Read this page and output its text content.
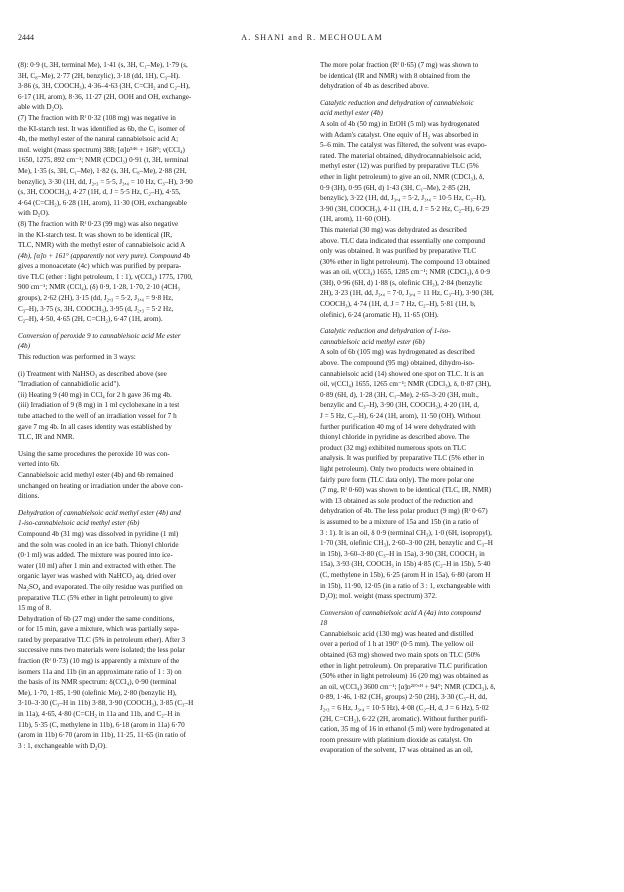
2444	A. SHANI and R. MECHOULAM
(8): 0·9 (t, 3H, terminal Me), 1·41 (s, 3H, C₁–Me), 1·79 (s,
3H, C₈–Me), 2·77 (2H, benzylic), 3·18 (dd, 1H), C₃–H).
3·86 (s, 3H, COOCH₃), 4·36–4·63 (3H, C=CH₂ and C₂–H),
6·17 (1H, arom), 8·36, 11·27 (2H, OOH and OH, exchange-
able with D₂O).
(7) The fraction with Rᶠ 0·32 (108 mg) was negative in
the KI-starch test. It was identified as 6b, the C₁ isomer of
4b, the methyl ester of the natural cannabielsoic acid A;
mol. weight (mass spectrum) 388; [α]ᴅ⁵⁴⁶ + 168°; ν(CCl₄)
1650, 1275, 892 cm⁻¹; NMR (CDCl₃) 0·91 (t, 3H, terminal
Me), 1·35 (s, 3H, C₁–Me), 1·82 (s, 3H, C₈–Me), 2·88 (2H,
benzylic), 3·30 (1H, dd, J₂,₃ = 5·5, J₃,₄ = 10 Hz, C₃–H), 3·90
(s, 3H, COOCH₃), 4·27 (1H, d, J = 5·5 Hz, C₂–H), 4·55,
4·64 (C=CH₂), 6·28 (1H, arom), 11·30 (OH, exchangeable
with D₂O).
(8) The fraction with Rᶠ 0·23 (99 mg) was also negative
in the KI-starch test. It was shown to be identical (IR,
TLC, NMR) with the methyl ester of cannabielsoic acid A
(4b), [α]ᴅ + 161° (apparently not very pure). Compound 4b
gives a monoacetate (4c) which was purified by prepara-
tive TLC (ether : light petroleum, 1 : 1), ν(CCl₄) 1775, 1700,
900 cm⁻¹; NMR (CCl₄), (δ) 0·9, 1·28, 1·70, 2·10 (4CH₃
groups), 2·62 (2H), 3·15 (dd, J₂,₃ = 5·2, J₃,₄ = 9·8 Hz,
C₃–H), 3·75 (s, 3H, COOCH₃), 3·95 (d, J₂,₃ = 5·2 Hz,
C₂–H), 4·50, 4·65 (2H, C=CH₂), 6·47 (1H, arom).
Conversion of peroxide 9 to cannabielsoic acid Me ester
(4b)
This reduction was performed in 3 ways:
(i) Treatment with NaHSO₃ as described above (see
"Irradiation of cannabidiolic acid").
(ii) Heating 9 (40 mg) in CCl₄ for 2 h gave 36 mg 4b.
(iii) Irradiation of 9 (8 mg) in 1 ml cyclohexane in a test
tube attached to the well of an irradiation vessel for 7 h
gave 7 mg 4b. In all cases identity was established by
TLC, IR and NMR.
Using the same procedures the peroxide 10 was con-
verted into 6b.
Cannabielsoic acid methyl ester (4b) and 6b remained
unchanged on heating or irradiation under the above con-
ditions.
Dehydration of cannabielsoic acid methyl ester (4b) and
1-iso-cannabielsoic acid methyl ester (6b)
Compound 4b (31 mg) was dissolved in pyridine (1 ml)
and the soln was cooled in an ice bath. Thionyl chloride
(0·1 ml) was added. The mixture was poured into ice-
water (10 ml) after 1 min and extracted with ether. The
organic layer was washed with NaHCO₃ aq, dried over
Na₂SO₄ and evaporated. The oily residue was purified on
preparative TLC (5% ether in light petroleum) to give
15 mg of 8.
Dehydration of 6b (27 mg) under the same conditions,
or for 15 min, gave a mixture, which was partially sepa-
rated by preparative TLC (5% in petroleum ether). After 3
successive runs two materials were isolated; the less polar
fraction (Rᶠ 0·73) (10 mg) is apparently a mixture of the
isomers 11a and 11b (in an approximate ratio of 1 : 3) on
the basis of its NMR spectrum: δ(CCl₄), 0·90 (terminal
Me), 1·70, 1·85, 1·90 (olefinic Me), 2·80 (benzylic H),
3·10–3·30 (C₃–H in 11b) 3·88, 3·90 (COOCH₃), 3·85 (C₃–H
in 11a), 4·65, 4·80 (C=CH₂ in 11a and 11b, and C₂–H in
11b), 5·35 (C, methylene in 11b), 6·18 (arom in 11a) 6·70
(arom in 11b) 6·70 (arom in 11b), 11·25, 11·65 (in ratio of
3 : 1, exchangeable with D₂O).
The more polar fraction (Rᶠ 0·65) (7 mg) was shown to
be identical (IR and NMR) with 8 obtained from the
dehydration of 4b as described above.
Catalytic reduction and dehydration of cannabielsoic
acid methyl ester (4b)
A soln of 4b (50 mg) in EtOH (5 ml) was hydrogenated
with Adam's catalyst. One equiv of H₂ was absorbed in
5–6 min. The catalyst was filtered, the solvent was evapo-
rated. The material obtained, dihydrocannabielsoic acid,
methyl ester (12) was purified by preparative TLC (5%
ether in light petroleum) to give an oil, NMR (CDCl₃), δ,
0·9 (3H), 0·95 (6H, d) 1·43 (3H, C₁–Me), 2·85 (2H,
benzylic), 3·22 (1H, dd, J₃,₄ = 5·2, J₃,₄ = 10·5 Hz, C₃–H),
3·90 (3H, COOCH₃), 4·11 (1H, d, J = 5·2 Hz, C₂–H), 6·29
(1H, arom), 11·60 (OH).
This material (30 mg) was dehydrated as described
above. TLC data indicated that essentially one compound
only was obtained. It was purified by preparative TLC
(30% ether in light petroleum). The compound 13 obtained
was an oil, ν(CCl₄) 1655, 1285 cm⁻¹; NMR (CDCl₃), δ 0·9
(3H), 0·96 (6H, d) 1·88 (s, olefinic CH₃), 2·84 (benzylic
2H), 3·23 (1H, dd, J₃,₄ = 7·0, J₃,₄ = 11 Hz, C₃–H), 3·90 (3H,
COOCH₃), 4·74 (1H, d, J = 7 Hz, C₂–H), 5·81 (1H, b,
olefinic), 6·24 (aromatic H), 11·65 (OH).
Catalytic reduction and dehydration of 1-iso-
cannabielsoic acid methyl ester (6b)
A soln of 6b (105 mg) was hydrogenated as described
above. The compound (95 mg) obtained, dihydro-iso-
cannabielsoic acid (14) showed one spot on TLC. It is an
oil, ν(CCl₄) 1655, 1265 cm⁻¹; NMR (CDCl₃), δ, 0·87 (3H),
0·89 (6H, d), 1·28 (3H, C₁–Me), 2·65–3·20 (3H, mult.,
benzylic and C₃–H), 3·90 (3H, COOCH₃), 4·20 (1H, d,
J = 5 Hz, C₂–H), 6·24 (1H, arom), 11·50 (OH). Without
further purification 40 mg of 14 were dehydrated with
thionyl chloride in pyridine as described above. The
product (32 mg) exhibited numerous spots on TLC
analysis. It was purified by preparative TLC (5% ether in
light petroleum). Only two products were obtained in
fairly pure form (TLC data only). The more polar one
(7 mg, Rᶠ 0·60) was shown to be identical (TLC, IR, NMR)
with 13 obtained as sole product of the reduction and
dehydration of 4b. The less polar product (9 mg) (Rᶠ 0·67)
is assumed to be a mixture of 15a and 15b (in a ratio of
3 : 1). It is an oil, δ 0·9 (terminal CH₃), 1·0 (6H, isopropyl),
1·70 (3H, olefinic CH₃), 2·60–3·00 (2H, benzylic and C₃–H
in 15b), 3·60–3·80 (C₃–H in 15a), 3·90 (3H, COOCH₃ in
15a), 3·93 (3H, COOCH₃ in 15b) 4·85 (C₂–H in 15b), 5·40
(C, methylene in 15b), 6·25 (arom H in 15a), 6·80 (arom H
in 15b), 11·90, 12·05 (in a ratio of 3 : 1, exchangeable with
D₂O); mol. weight (mass spectrum) 372.
Conversion of cannabielsoic acid A (4a) into compound
18
Cannabielsoic acid (130 mg) was heated and distilled
over a period of 1 h at 190° (0·5 mm). The yellow oil
obtained (63 mg) showed two main spots on TLC (50%
ether in light petroleum). On preparative TLC purification
(50% ether in light petroleum) 16 (20 mg) was obtained as
an oil, ν(CCl₄) 3600 cm⁻¹; [α]ᴅ²¹°ᶜᴴ + 94°; NMR (CDCl₃), δ,
0·89, 1·46, 1·82 (CH₃ groups) 2·50 (2H), 3·30 (C₃–H, dd,
J₂,₃ = 6 Hz, J₃,₄ = 10·5 Hz), 4·08 (C₂–H, d, J = 6 Hz), 5·02
(2H, C=CH₂), 6·22 (2H, aromatic). Without further purifi-
cation, 35 mg of 16 in ethanol (5 ml) were hydrogenated at
room pressure with platinium dioxide as catalyst. On
evaporation of the solvent, 17 was obtained as an oil,
